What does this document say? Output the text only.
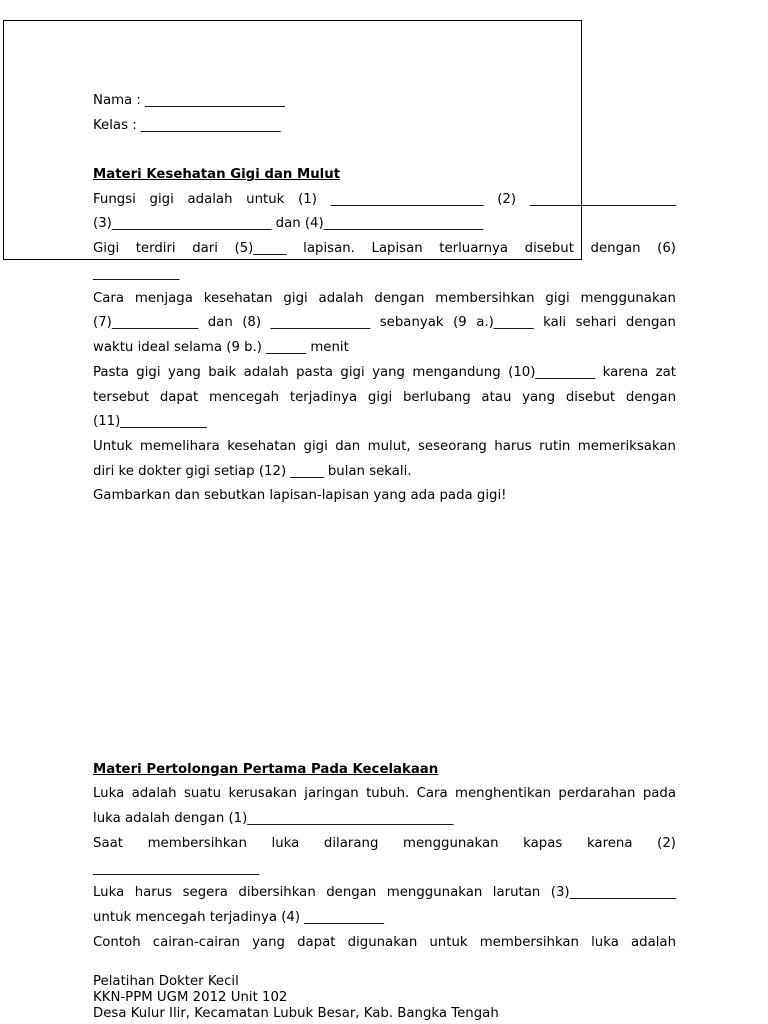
Nama : _____________________
Kelas : _____________________
Materi Kesehatan Gigi dan Mulut
Fungsi gigi adalah untuk (1) _______________________ (2) ______________________
(3)________________________ dan (4)________________________
Gigi terdiri dari (5)_____ lapisan. Lapisan terluarnya disebut dengan (6)
_____________
Cara menjaga kesehatan gigi adalah dengan membersihkan gigi menggunakan
(7)_____________ dan (8) _______________ sebanyak (9 a.)______ kali sehari dengan
waktu ideal selama (9 b.) ______ menit
Pasta gigi yang baik adalah pasta gigi yang mengandung (10)_________ karena zat
tersebut dapat mencegah terjadinya gigi berlubang atau yang disebut dengan
(11)_____________
Untuk memelihara kesehatan gigi dan mulut, seseorang harus rutin memeriksakan
diri ke dokter gigi setiap (12) _____ bulan sekali.
Gambarkan dan sebutkan lapisan-lapisan yang ada pada gigi!
Materi Pertolongan Pertama Pada Kecelakaan
Luka adalah suatu kerusakan jaringan tubuh. Cara menghentikan perdarahan pada
luka adalah dengan (1)_______________________________
Saat membersihkan luka dilarang menggunakan kapas karena (2)
_________________________
Luka harus segera dibersihkan dengan menggunakan larutan (3)________________
untuk mencegah terjadinya (4) ____________
Contoh cairan-cairan yang dapat digunakan untuk membersihkan luka adalah
Pelatihan Dokter Kecil
KKN-PPM UGM 2012 Unit 102
Desa Kulur Ilir, Kecamatan Lubuk Besar, Kab. Bangka Tengah
